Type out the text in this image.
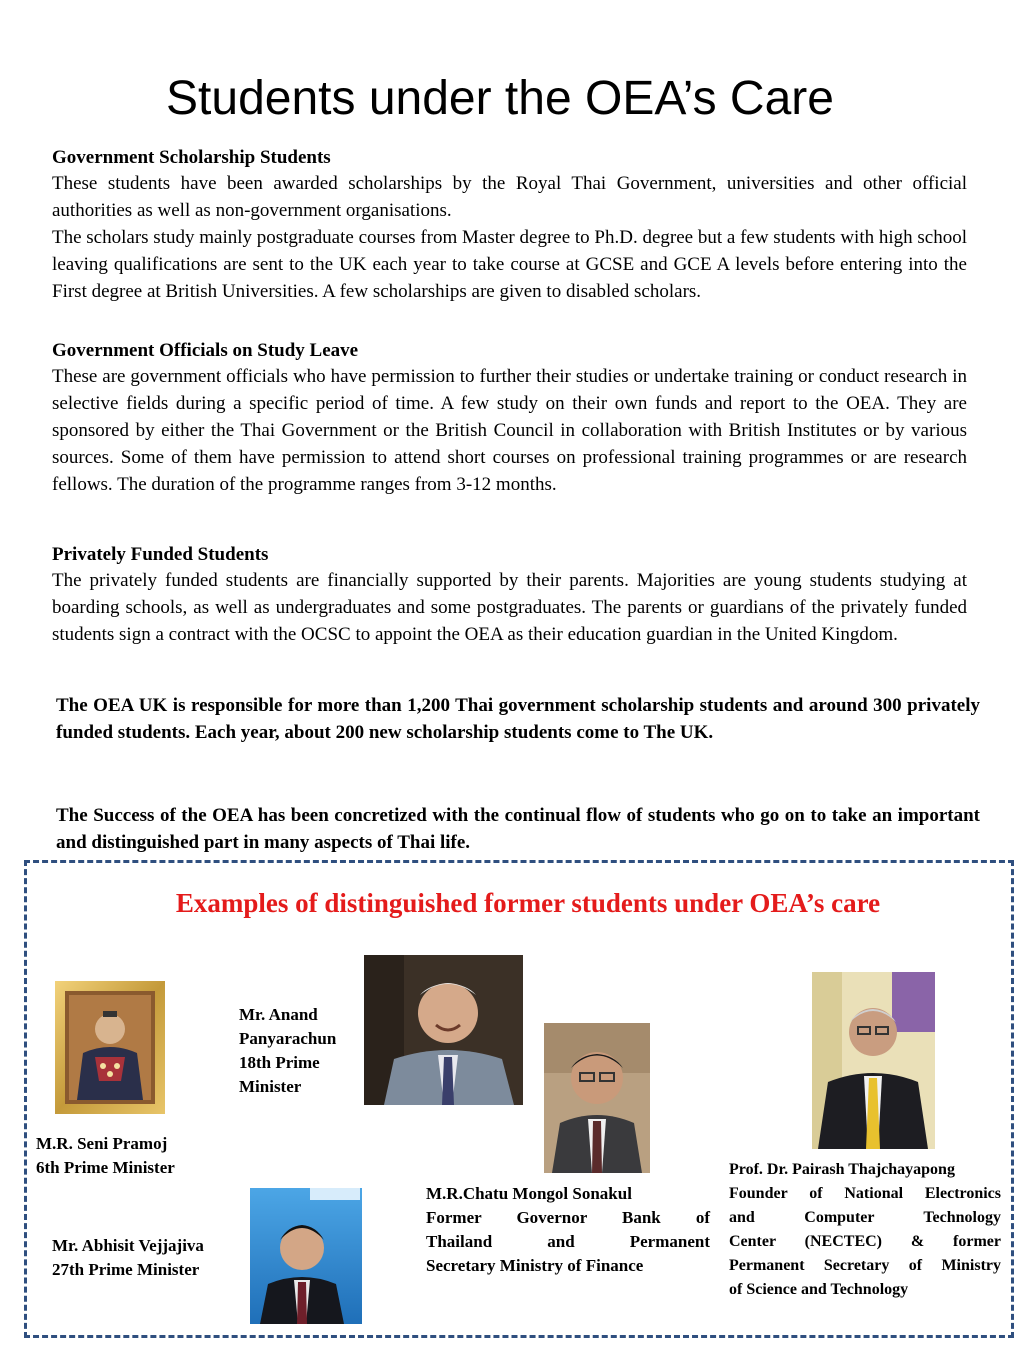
Students under the OEA’s Care
Government Scholarship Students

These students have been awarded scholarships by the Royal Thai Government, universities and other official authorities as well as non-government organisations.

The scholars study mainly postgraduate courses from Master degree to Ph.D. degree but a few students with high school leaving qualifications are sent to the UK each year to take course at GCSE and GCE A levels before entering into the First degree at British Universities. A few scholarships are given to disabled scholars.

Government Officials on Study Leave

These are government officials who have permission to further their studies or undertake training or conduct research in selective fields during a specific period of time. A few study on their own funds and report to the OEA. They are sponsored by either the Thai Government or the British Council in collaboration with British Institutes or by various sources. Some of them have permission to attend short courses on professional training programmes or are research fellows. The duration of the programme ranges from 3-12 months.

Privately Funded Students

The privately funded students are financially supported by their parents. Majorities are young students studying at boarding schools, as well as undergraduates and some postgraduates. The parents or guardians of the privately funded students sign a contract with the OCSC to appoint the OEA as their education guardian in the United Kingdom.

The OEA UK is responsible for more than 1,200 Thai government scholarship students and around 300 privately funded students. Each year, about 200 new scholarship students come to The UK.

The Success of the OEA has been concretized with the continual flow of students who go on to take an important and distinguished part in many aspects of Thai life.

Examples of distinguished former students under OEA’s care
M.R. Seni Pramoj
6th Prime Minister
Mr. Anand
Panyarachun
18th Prime
Minister
Mr. Abhisit Vejjajiva
27th Prime Minister
M.R.Chatu Mongol Sonakul
Former Governor Bank of
Thailand and Permanent
Secretary Ministry of Finance
Prof. Dr. Pairash Thajchayapong
Founder of National Electronics
and Computer Technology
Center (NECTEC) & former
Permanent Secretary of Ministry
of Science and Technology
